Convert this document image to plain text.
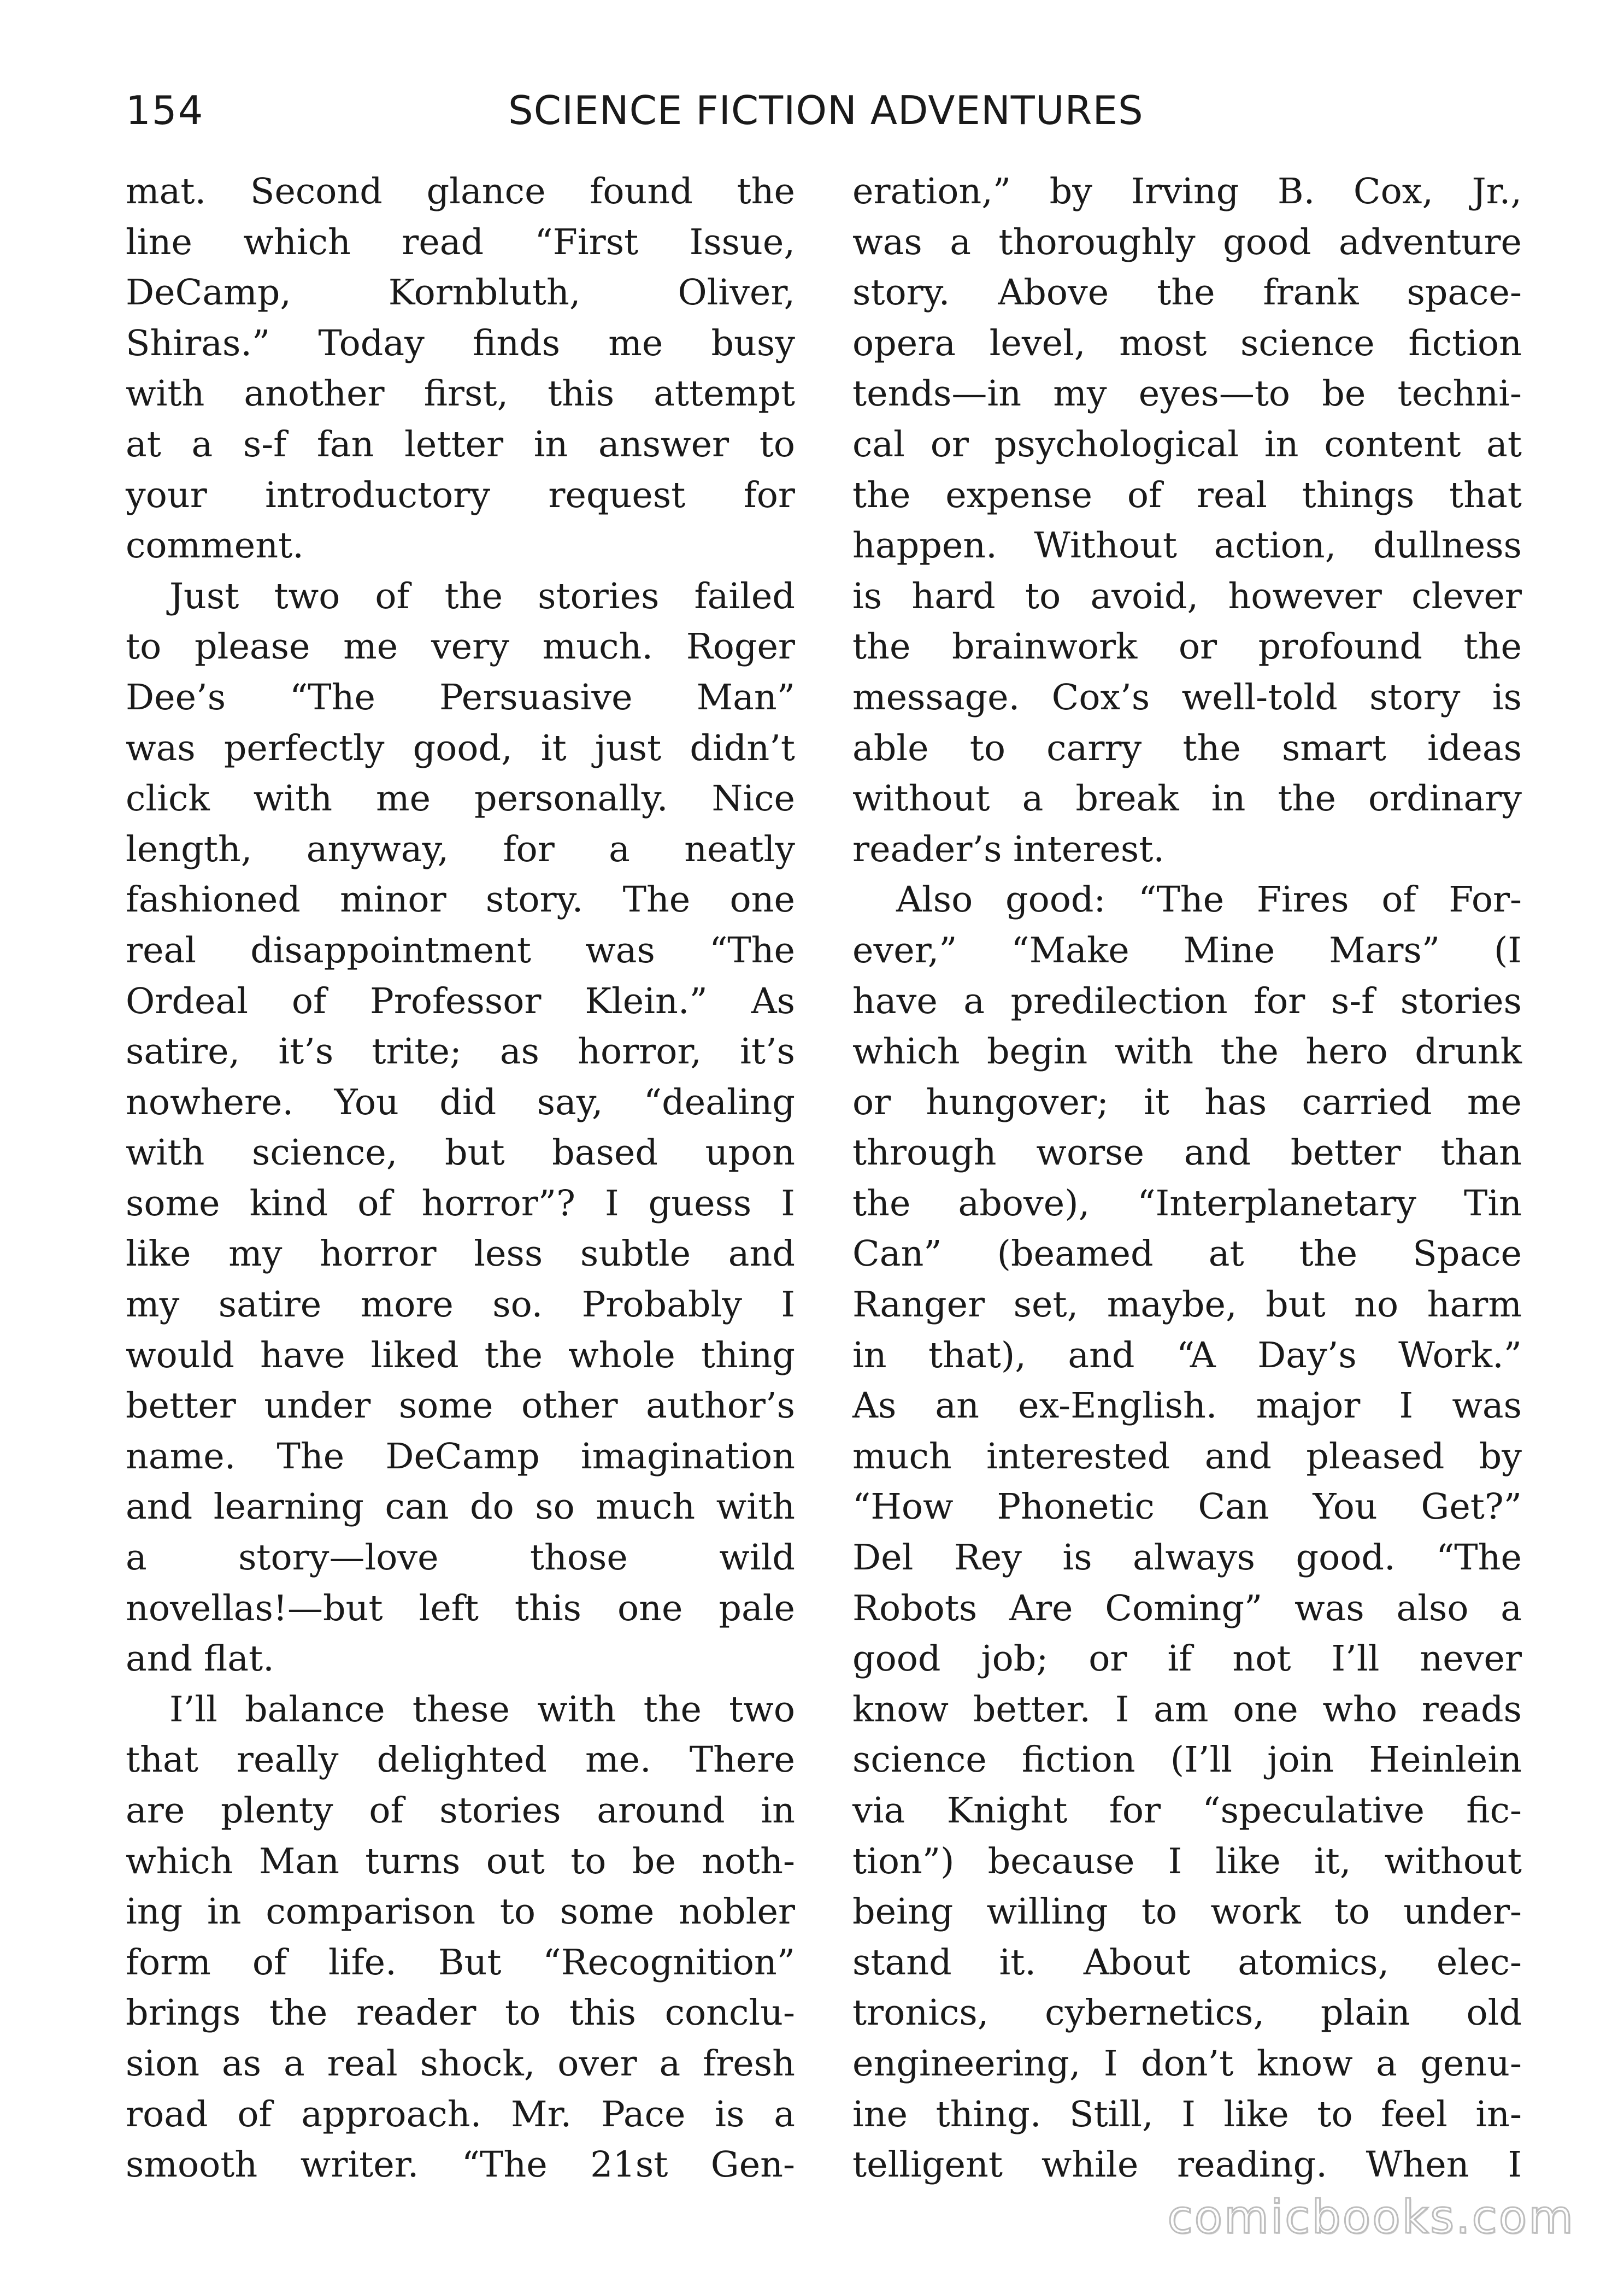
154	SCIENCE FICTION ADVENTURES
mat. Second glance found the
line which read “First Issue,
DeCamp, Kornbluth, Oliver,
Shiras.” Today finds me busy
with another first, this attempt
at a s-f fan letter in answer to
your introductory request for
comment.
Just two of the stories failed
to please me very much. Roger
Dee’s “The Persuasive Man”
was perfectly good, it just didn’t
click with me personally. Nice
length, anyway, for a neatly
fashioned minor story. The one
real disappointment was “The
Ordeal of Professor Klein.” As
satire, it’s trite; as horror, it’s
nowhere. You did say, “dealing
with science, but based upon
some kind of horror”? I guess I
like my horror less subtle and
my satire more so. Probably I
would have liked the whole thing
better under some other author’s
name. The DeCamp imagination
and learning can do so much with
a story—love those wild
novellas!—but left this one pale
and flat.
I’ll balance these with the two
that really delighted me. There
are plenty of stories around in
which Man turns out to be noth-
ing in comparison to some nobler
form of life. But “Recognition”
brings the reader to this conclu-
sion as a real shock, over a fresh
road of approach. Mr. Pace is a
smooth writer. “The 21st Gen-
eration,” by Irving B. Cox, Jr.,
was a thoroughly good adventure
story. Above the frank space-
opera level, most science fiction
tends—in my eyes—to be techni-
cal or psychological in content at
the expense of real things that
happen. Without action, dullness
is hard to avoid, however clever
the brainwork or profound the
message. Cox’s well-told story is
able to carry the smart ideas
without a break in the ordinary
reader’s interest.
Also good: “The Fires of For-
ever,” “Make Mine Mars” (I
have a predilection for s-f stories
which begin with the hero drunk
or hungover; it has carried me
through worse and better than
the above), “Interplanetary Tin
Can” (beamed at the Space
Ranger set, maybe, but no harm
in that), and “A Day’s Work.”
As an ex-English. major I was
much interested and pleased by
“How Phonetic Can You Get?”
Del Rey is always good. “The
Robots Are Coming” was also a
good job; or if not I’ll never
know better. I am one who reads
science fiction (I’ll join Heinlein
via Knight for “speculative fic-
tion”) because I like it, without
being willing to work to under-
stand it. About atomics, elec-
tronics, cybernetics, plain old
engineering, I don’t know a genu-
ine thing. Still, I like to feel in-
telligent while reading. When I
comicbooks.com
